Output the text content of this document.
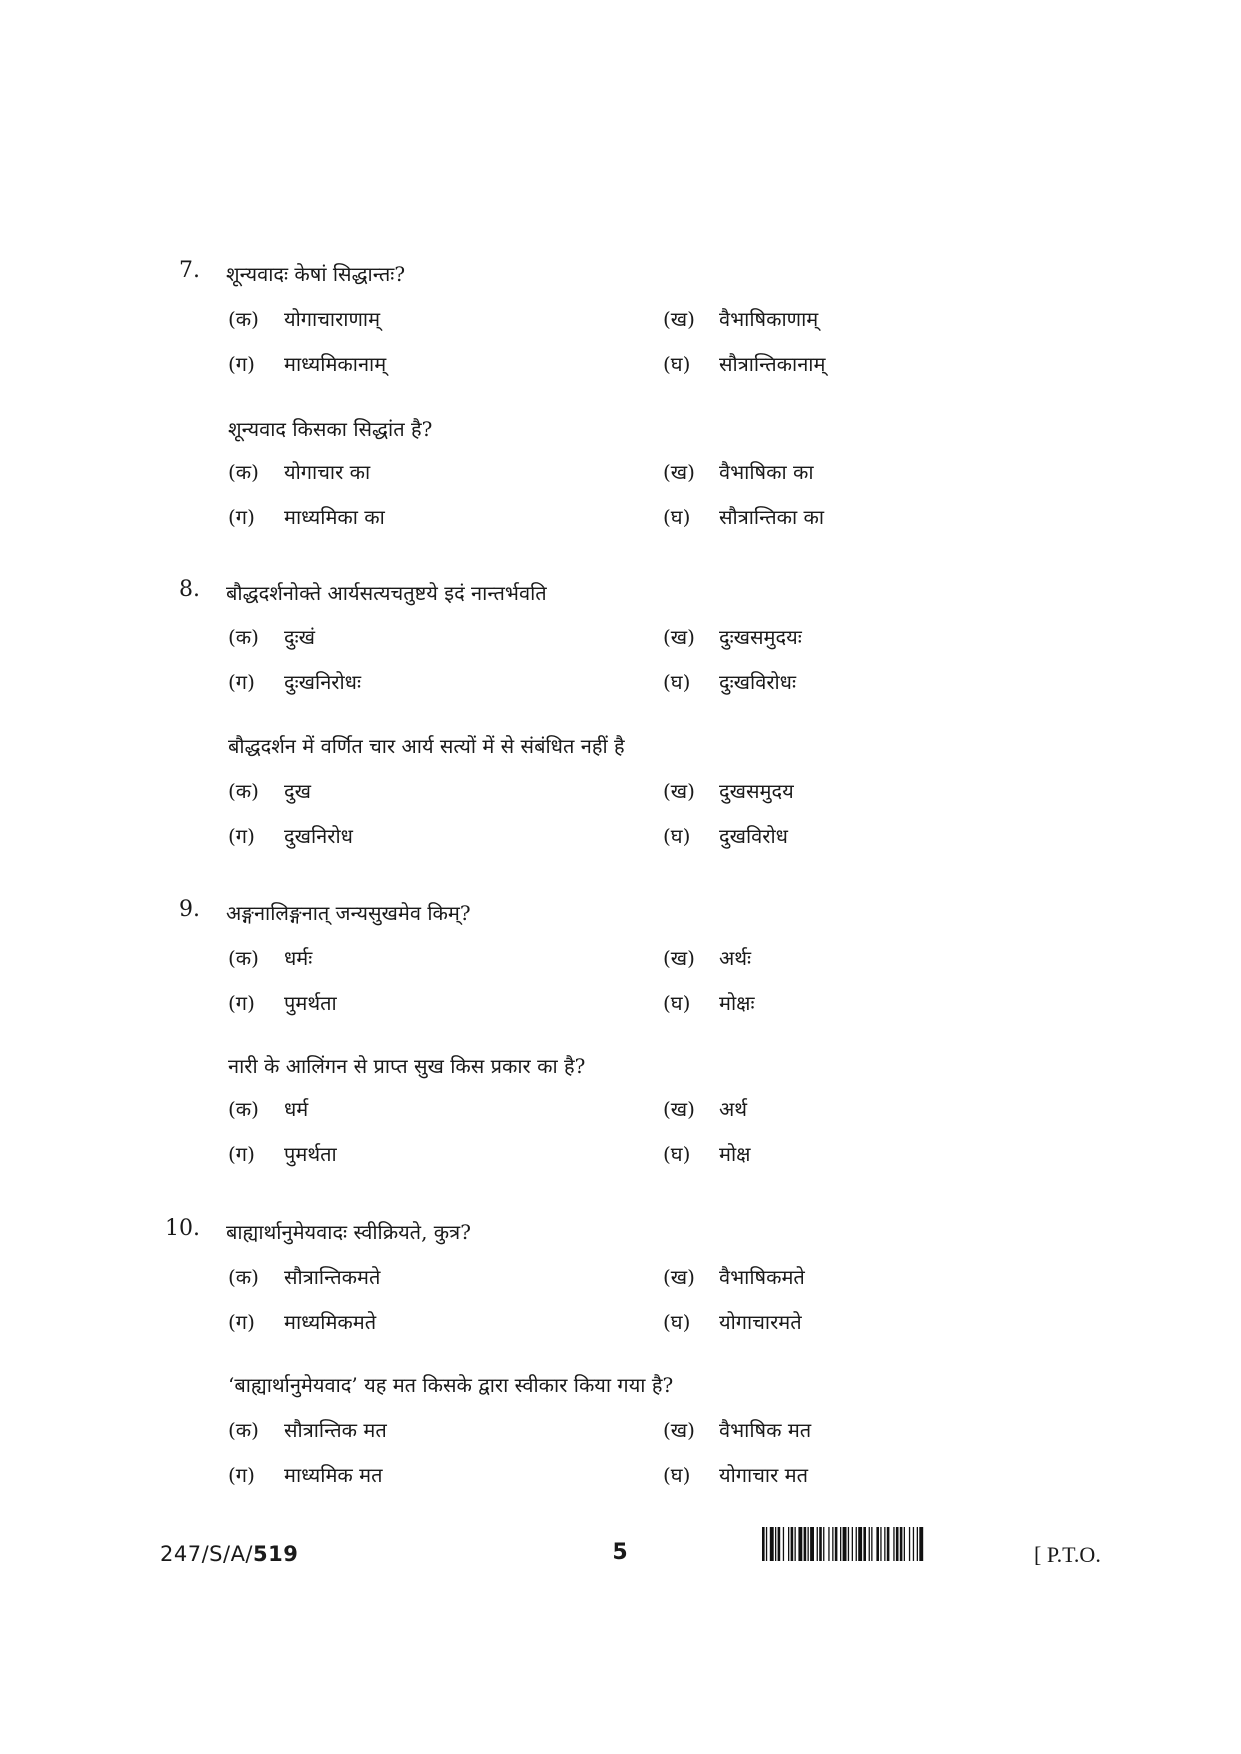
7. शून्यवादः केषां सिद्धान्तः?
(क) योगाचाराणाम्	(ख) वैभाषिकाणाम्
(ग) माध्यमिकानाम्	(घ) सौत्रान्तिकानाम्
शून्यवाद किसका सिद्धांत है?
(क) योगाचार का	(ख) वैभाषिका का
(ग) माध्यमिका का	(घ) सौत्रान्तिका का
8. बौद्धदर्शनोक्ते आर्यसत्यचतुष्टये इदं नान्तर्भवति
(क) दुःखं	(ख) दुःखसमुदयः
(ग) दुःखनिरोधः	(घ) दुःखविरोधः
बौद्धदर्शन में वर्णित चार आर्य सत्यों में से संबंधित नहीं है
(क) दुख	(ख) दुखसमुदय
(ग) दुखनिरोध	(घ) दुखविरोध
9. अङ्गनालिङ्गनात् जन्यसुखमेव किम्?
(क) धर्मः	(ख) अर्थः
(ग) पुमर्थता	(घ) मोक्षः
नारी के आलिंगन से प्राप्त सुख किस प्रकार का है?
(क) धर्म	(ख) अर्थ
(ग) पुमर्थता	(घ) मोक्ष
10. बाह्यार्थानुमेयवादः स्वीक्रियते, कुत्र?
(क) सौत्रान्तिकमते	(ख) वैभाषिकमते
(ग) माध्यमिकमते	(घ) योगाचारमते
‘बाह्यार्थानुमेयवाद’ यह मत किसके द्वारा स्वीकार किया गया है?
(क) सौत्रान्तिक मत	(ख) वैभाषिक मत
(ग) माध्यमिक मत	(घ) योगाचार मत
247/S/A/519	5	[ P.T.O.
